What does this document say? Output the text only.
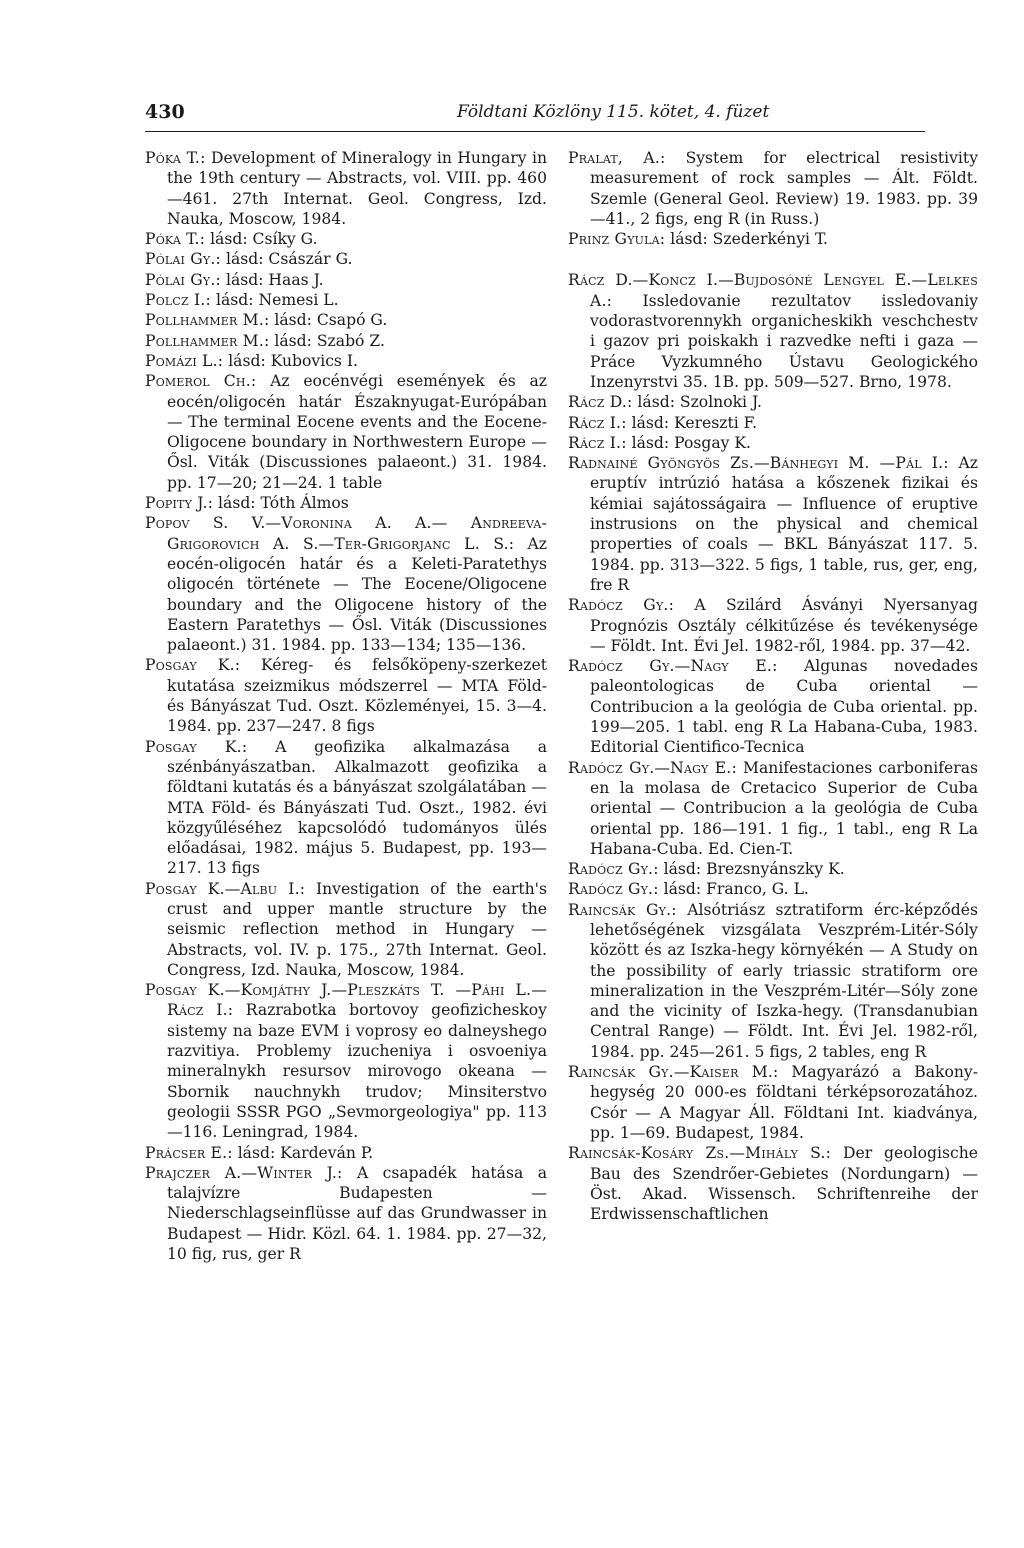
430	Földtani Közlöny 115. kötet, 4. füzet

Póka T.: Development of Mineralogy in Hungary in the 19th century — Abstracts, vol. VIII. pp. 460—461. 27th Internat. Geol. Congress, Izd. Nauka, Moscow, 1984.

Póka T.: lásd: Csíky G.

Pólai Gy.: lásd: Császár G.

Pólai Gy.: lásd: Haas J.

Polcz I.: lásd: Nemesi L.

Pollhammer M.: lásd: Csapó G.

Pollhammer M.: lásd: Szabó Z.

Pomázi L.: lásd: Kubovics I.

Pomerol Ch.: Az eocénvégi események és az eocén/oligocén határ Északnyugat-Európában — The terminal Eocene events and the Eocene-Oligocene boundary in Northwestern Europe — Ősl. Viták (Discussiones palaeont.) 31. 1984. pp. 17—20; 21—24. 1 table

Popity J.: lásd: Tóth Álmos

Popov S. V.—Voronina A. A.— Andreeva-Grigorovich A. S.—Ter-Grigorjanc L. S.: Az eocén-oligocén határ és a Keleti-Paratethys oligocén története — The Eocene/Oligocene boundary and the Oligocene history of the Eastern Paratethys — Ősl. Viták (Discussiones palaeont.) 31. 1984. pp. 133—134; 135—136.

Posgay K.: Kéreg- és felsőköpeny-szerkezet kutatása szeizmikus módszerrel — MTA Föld- és Bányászat Tud. Oszt. Közleményei, 15. 3—4. 1984. pp. 237—247. 8 figs

Posgay K.: A geofizika alkalmazása a szénbányászatban. Alkalmazott geofizika a földtani kutatás és a bányászat szolgálatában — MTA Föld- és Bányászati Tud. Oszt., 1982. évi közgyűléséhez kapcsolódó tudományos ülés előadásai, 1982. május 5. Budapest, pp. 193—217. 13 figs

Posgay K.—Albu I.: Investigation of the earth's crust and upper mantle structure by the seismic reflection method in Hungary — Abstracts, vol. IV. p. 175., 27th Internat. Geol. Congress, Izd. Nauka, Moscow, 1984.

Posgay K.—Komjáthy J.—Pleszkáts T. —Páhi L.—Rácz I.: Razrabotka bortovoy geofizicheskoy sistemy na baze EVM i voprosy eo dalneyshego razvitiya. Problemy izucheniya i osvoeniya mineralnykh resursov mirovogo okeana — Sbornik nauchnykh trudov; Minsiterstvo geologii SSSR PGO „Sevmorgeologiya" pp. 113—116. Leningrad, 1984.

Prácser E.: lásd: Kardeván P.

Prajczer A.—Winter J.: A csapadék hatása a talajvízre Budapesten — Niederschlagseinflüsse auf das Grundwasser in Budapest — Hidr. Közl. 64. 1. 1984. pp. 27—32, 10 fig, rus, ger R

Pralat, A.: System for electrical resistivity measurement of rock samples — Ált. Földt. Szemle (General Geol. Review) 19. 1983. pp. 39—41., 2 figs, eng R (in Russ.)

Prinz Gyula: lásd: Szederkényi T.

Rácz D.—Koncz I.—Bujdosóné Lengyel E.—Lelkes A.: Issledovanie rezultatov issledovaniy vodorastvorennykh organicheskikh veschchestv i gazov pri poiskakh i razvedke nefti i gaza — Práce Vyzkumného Ústavu Geologického Inzenyrstvi 35. 1B. pp. 509—527. Brno, 1978.

Rácz D.: lásd: Szolnoki J.

Rácz I.: lásd: Kereszti F.

Rácz I.: lásd: Posgay K.

Radnainé Gyöngyös Zs.—Bánhegyi M. —Pál I.: Az eruptív intrúzió hatása a kőszenek fizikai és kémiai sajátosságaira — Influence of eruptive instrusions on the physical and chemical properties of coals — BKL Bányászat 117. 5. 1984. pp. 313—322. 5 figs, 1 table, rus, ger, eng, fre R

Radócz Gy.: A Szilárd Ásványi Nyersanyag Prognózis Osztály célkitűzése és tevékenysége — Földt. Int. Évi Jel. 1982-ről, 1984. pp. 37—42.

Radócz Gy.—Nagy E.: Algunas novedades paleontologicas de Cuba oriental — Contribucion a la geológia de Cuba oriental. pp. 199—205. 1 tabl. eng R La Habana-Cuba, 1983. Editorial Cientifico-Tecnica

Radócz Gy.—Nagy E.: Manifestaciones carboniferas en la molasa de Cretacico Superior de Cuba oriental — Contribucion a la geológia de Cuba oriental pp. 186—191. 1 fig., 1 tabl., eng R La Habana-Cuba. Ed. Cien-T.

Radócz Gy.: lásd: Brezsnyánszky K.

Radócz Gy.: lásd: Franco, G. L.

Raincsák Gy.: Alsótriász sztratiform érc-képződés lehetőségének vizsgálata Veszprém-Litér-Sóly között és az Iszka-hegy környékén — A Study on the possibility of early triassic stratiform ore mineralization in the Veszprém-Litér—Sóly zone and the vicinity of Iszka-hegy. (Transdanubian Central Range) — Földt. Int. Évi Jel. 1982-ről, 1984. pp. 245—261. 5 figs, 2 tables, eng R

Raincsák Gy.—Kaiser M.: Magyarázó a Bakony-hegység 20 000-es földtani térképsorozatához. Csór — A Magyar Áll. Földtani Int. kiadványa, pp. 1—69. Budapest, 1984.

Raincsák-Kosáry Zs.—Mihály S.: Der geologische Bau des Szendrőer-Gebietes (Nordungarn) — Öst. Akad. Wissensch. Schriftenreihe der Erdwissenschaftlichen
